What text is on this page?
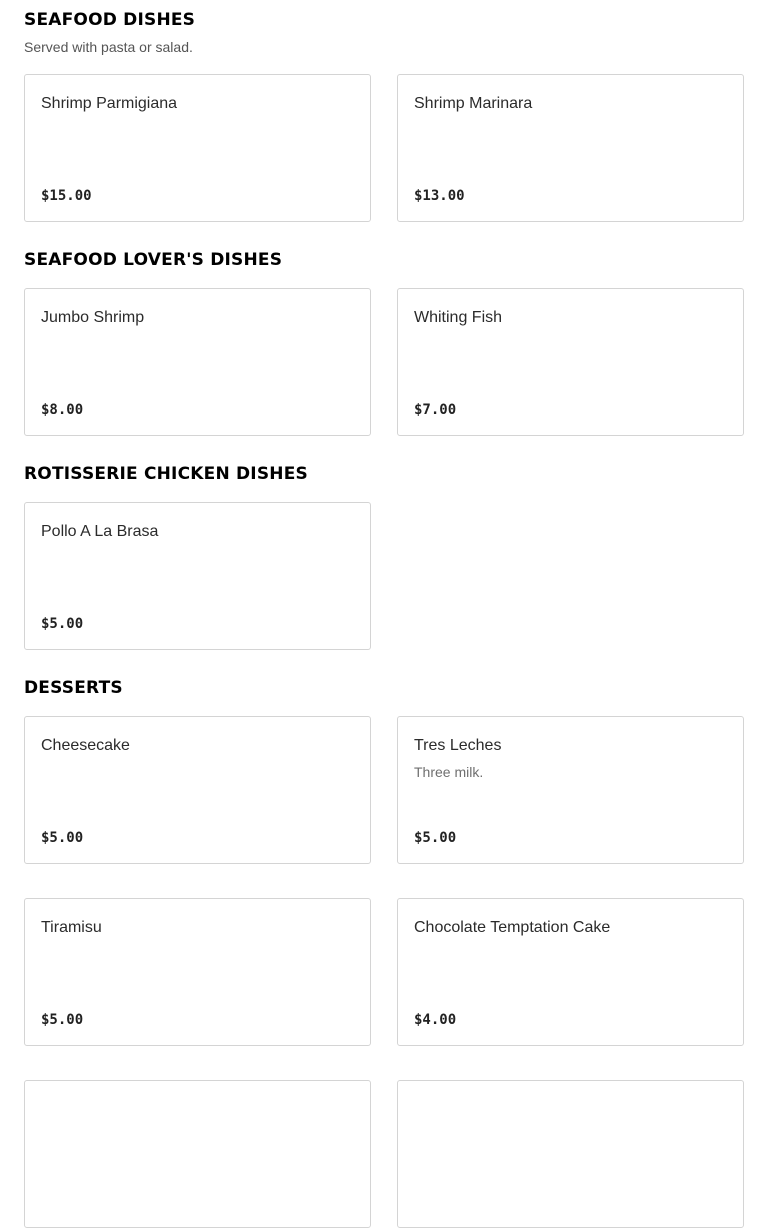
SEAFOOD DISHES

Served with pasta or salad.

Shrimp Parmigiana
$15.00
Shrimp Marinara
$13.00
SEAFOOD LOVER'S DISHES
Jumbo Shrimp
$8.00
Whiting Fish
$7.00
ROTISSERIE CHICKEN DISHES
Pollo A La Brasa
$5.00
DESSERTS
Cheesecake
$5.00
Tres Leches
Three milk.
$5.00
Tiramisu
$5.00
Chocolate Temptation Cake
$4.00
